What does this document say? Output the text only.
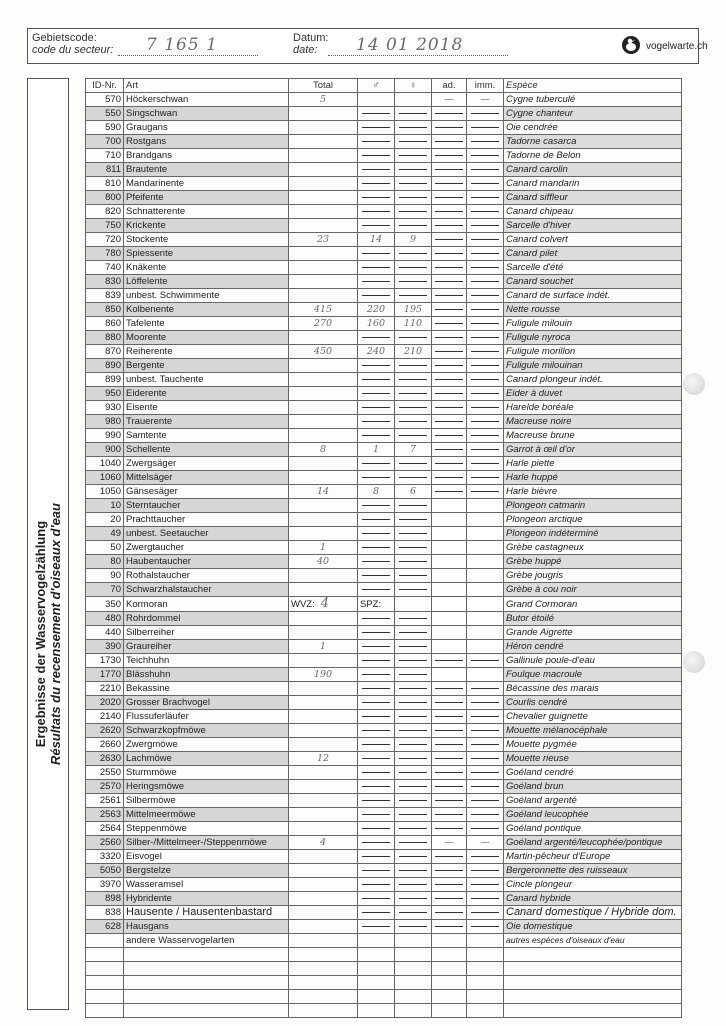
Gebietscode:
code du secteur: 7 165 1	Datum:
date: 14 01 2018	vogelwarte.ch
Ergebnisse der Wasservogelzählung Résultats du recensement d'oiseaux d'eau
ID-Nr.	Art	Total	♂	♀	ad.	imm.	Espèce
570	Höckerschwan	5			—	—	Cygne tuberculé
550	Singschwan						Cygne chanteur
590	Graugans						Oie cendrée
700	Rostgans						Tadorne casarca
710	Brandgans						Tadorne de Belon
811	Brautente						Canard carolin
810	Mandarinente						Canard mandarin
800	Pfeifente						Canard siffleur
820	Schnatterente						Canard chipeau
750	Krickente						Sarcelle d'hiver
720	Stockente	23	14	9			Canard colvert
780	Spiessente						Canard pilet
740	Knäkente						Sarcelle d'été
830	Löffelente						Canard souchet
839	unbest. Schwimmente						Canard de surface indét.
850	Kolbenente	415	220	195			Nette rousse
860	Tafelente	270	160	110			Fuligule milouin
880	Moorente						Fuligule nyroca
870	Reiherente	450	240	210			Fuligule morillon
890	Bergente						Fuligule milouinan
899	unbest. Tauchente						Canard plongeur indét.
950	Eiderente						Eider à duvet
930	Eisente						Harelde boréale
980	Trauerente						Macreuse noire
990	Samtente						Macreuse brune
900	Schellente	8	1	7			Garrot à œil d'or
1040	Zwergsäger						Harle piette
1060	Mittelsäger						Harle huppé
1050	Gänsesäger	14	8	6			Harle bièvre
10	Sterntaucher						Plongeon catmarin
20	Prachttaucher						Plongeon arctique
49	unbest. Seetaucher						Plongeon indéterminé
50	Zwergtaucher	1					Grèbe castagneux
80	Haubentaucher	40					Grèbe huppé
90	Rothalstaucher						Grèbe jougris
70	Schwarzhalstaucher						Grèbe à cou noir
350	Kormoran	WVZ: 4	SPZ:				Grand Cormoran
480	Rohrdommel						Butor étoilé
440	Silberreiher						Grande Aigrette
390	Graureiher	1					Héron cendré
1730	Teichhuhn						Gallinule poule-d'eau
1770	Blässhuhn	190					Foulque macroule
2210	Bekassine						Bécassine des marais
2020	Grosser Brachvogel						Courlis cendré
2140	Flussuferläufer						Chevalier guignette
2620	Schwarzkopfmöwe						Mouette mélanocéphale
2660	Zwergmöwe						Mouette pygmée
2630	Lachmöwe	12					Mouette rieuse
2550	Sturmmöwe						Goéland cendré
2570	Heringsmöwe						Goéland brun
2561	Silbermöwe						Goéland argenté
2563	Mittelmeermöwe						Goéland leucophée
2564	Steppenmöwe						Goéland pontique
2560	Silber-/Mittelmeer-/Steppenmöwe	4			—	—	Goéland argenté/leucophée/pontique
3320	Eisvogel						Martin-pêcheur d'Europe
5050	Bergstelze						Bergeronnette des ruisseaux
3970	Wasseramsel						Cincle plongeur
898	Hybridente						Canard hybride
838	Hausente / Hausentenbastard						Canard domestique / Hybride dom.
628	Hausgans						Oie domestique
	andere Wasservogelarten						autres espèces d'oiseaux d'eau
